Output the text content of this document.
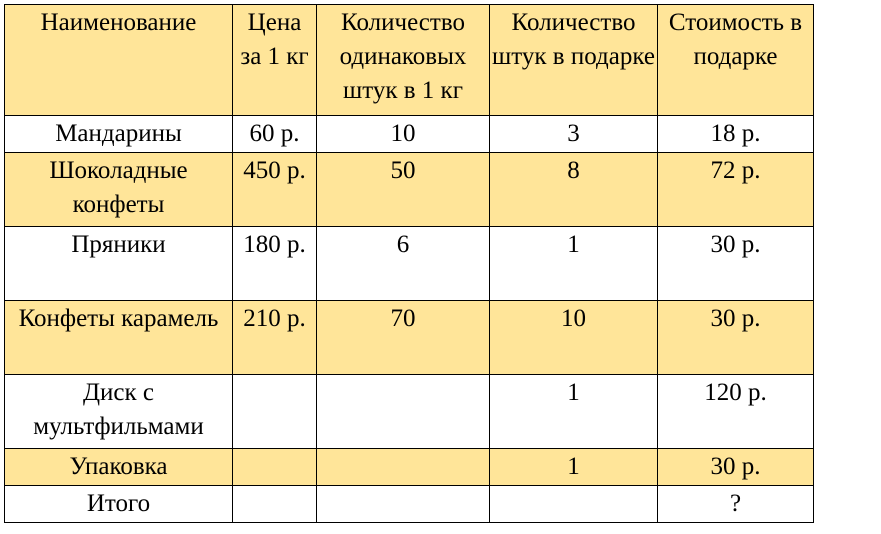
Наименование	Цена за 1 кг	Количество одинаковых штук в 1 кг	Количество штук в подарке	Стоимость в подарке
Мандарины	60 р.	10	3	18 р.
Шоколадные конфеты	450 р.	50	8	72 р.
Пряники	180 р.	6	1	30 р.
Конфеты карамель	210 р.	70	10	30 р.
Диск с мультфильмами			1	120 р.
Упаковка			1	30 р.
Итого				?
